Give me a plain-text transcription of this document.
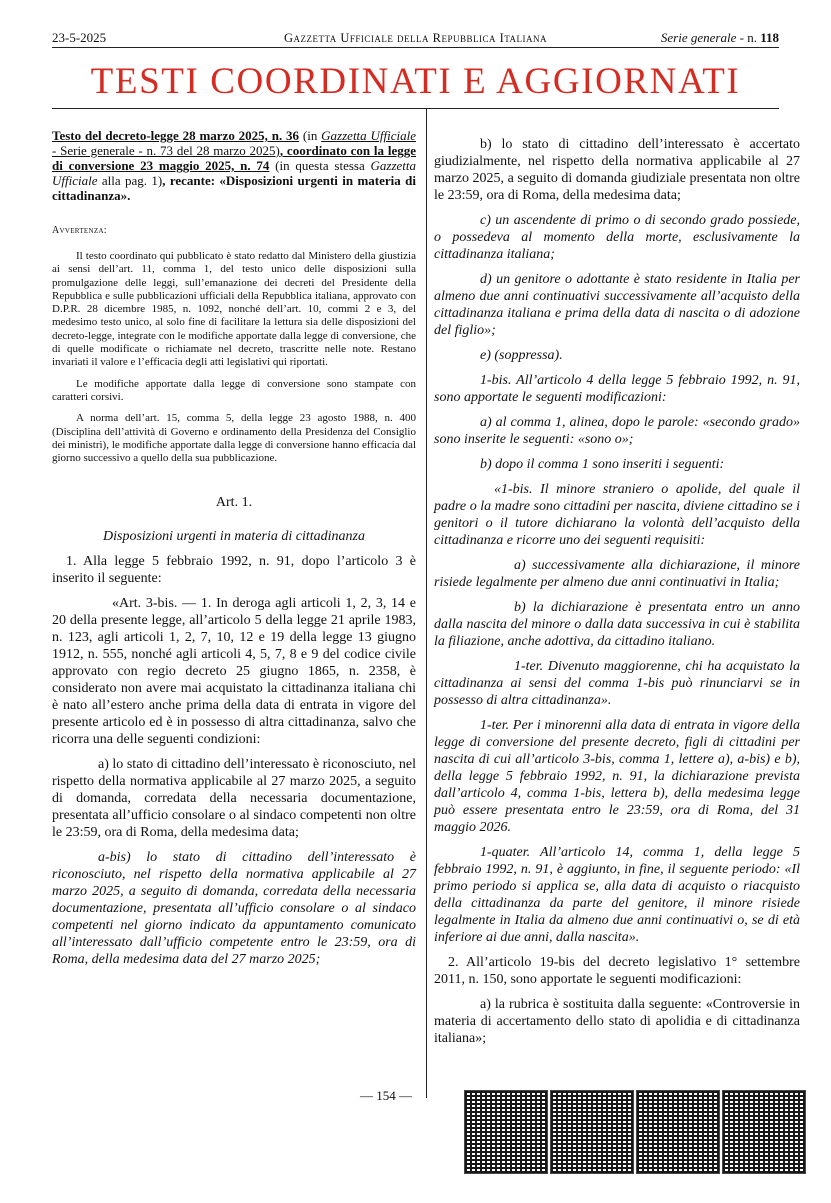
23-5-2025	Gazzetta Ufficiale della Repubblica Italiana	Serie generale - n. 118
TESTI COORDINATI E AGGIORNATI

Testo del decreto-legge 28 marzo 2025, n. 36 (in Gazzetta Ufficiale - Serie generale - n. 73 del 28 marzo 2025), coordinato con la legge di conversione 23 maggio 2025, n. 74 (in questa stessa Gazzetta Ufficiale alla pag. 1), recante: «Disposizioni urgenti in materia di cittadinanza».

Avvertenza:

Il testo coordinato qui pubblicato è stato redatto dal Ministero della giustizia ai sensi dell’art. 11, comma 1, del testo unico delle disposizioni sulla promulgazione delle leggi, sull’emanazione dei decreti del Presidente della Repubblica e sulle pubblicazioni ufficiali della Repubblica italiana, approvato con D.P.R. 28 dicembre 1985, n. 1092, nonché dell’art. 10, commi 2 e 3, del medesimo testo unico, al solo fine di facilitare la lettura sia delle disposizioni del decreto-legge, integrate con le modifiche apportate dalla legge di conversione, che di quelle modificate o richiamate nel decreto, trascritte nelle note. Restano invariati il valore e l’efficacia degli atti legislativi qui riportati.

Le modifiche apportate dalla legge di conversione sono stampate con caratteri corsivi.

A norma dell’art. 15, comma 5, della legge 23 agosto 1988, n. 400 (Disciplina dell’attività di Governo e ordinamento della Presidenza del Consiglio dei ministri), le modifiche apportate dalla legge di conversione hanno efficacia dal giorno successivo a quello della sua pubblicazione.

Art. 1.

Disposizioni urgenti in materia di cittadinanza

1. Alla legge 5 febbraio 1992, n. 91, dopo l’articolo 3 è inserito il seguente:

«Art. 3-bis. — 1. In deroga agli articoli 1, 2, 3, 14 e 20 della presente legge, all’articolo 5 della legge 21 aprile 1983, n. 123, agli articoli 1, 2, 7, 10, 12 e 19 della legge 13 giugno 1912, n. 555, nonché agli articoli 4, 5, 7, 8 e 9 del codice civile approvato con regio decreto 25 giugno 1865, n. 2358, è considerato non avere mai acquistato la cittadinanza italiana chi è nato all’estero anche prima della data di entrata in vigore del presente articolo ed è in possesso di altra cittadinanza, salvo che ricorra una delle seguenti condizioni:

a) lo stato di cittadino dell’interessato è riconosciuto, nel rispetto della normativa applicabile al 27 marzo 2025, a seguito di domanda, corredata della necessaria documentazione, presentata all’ufficio consolare o al sindaco competenti non oltre le 23:59, ora di Roma, della medesima data;

a-bis) lo stato di cittadino dell’interessato è riconosciuto, nel rispetto della normativa applicabile al 27 marzo 2025, a seguito di domanda, corredata della necessaria documentazione, presentata all’ufficio consolare o al sindaco competenti nel giorno indicato da appuntamento comunicato all’interessato dall’ufficio competente entro le 23:59, ora di Roma, della medesima data del 27 marzo 2025;

b) lo stato di cittadino dell’interessato è accertato giudizialmente, nel rispetto della normativa applicabile al 27 marzo 2025, a seguito di domanda giudiziale presentata non oltre le 23:59, ora di Roma, della medesima data;

c) un ascendente di primo o di secondo grado possiede, o possedeva al momento della morte, esclusivamente la cittadinanza italiana;

d) un genitore o adottante è stato residente in Italia per almeno due anni continuativi successivamente all’acquisto della cittadinanza italiana e prima della data di nascita o di adozione del figlio»;

e) (soppressa).

1-bis. All’articolo 4 della legge 5 febbraio 1992, n. 91, sono apportate le seguenti modificazioni:

a) al comma 1, alinea, dopo le parole: «secondo grado» sono inserite le seguenti: «sono o»;

b) dopo il comma 1 sono inseriti i seguenti:

«1-bis. Il minore straniero o apolide, del quale il padre o la madre sono cittadini per nascita, diviene cittadino se i genitori o il tutore dichiarano la volontà dell’acquisto della cittadinanza e ricorre uno dei seguenti requisiti:

a) successivamente alla dichiarazione, il minore risiede legalmente per almeno due anni continuativi in Italia;

b) la dichiarazione è presentata entro un anno dalla nascita del minore o dalla data successiva in cui è stabilita la filiazione, anche adottiva, da cittadino italiano.

1-ter. Divenuto maggiorenne, chi ha acquistato la cittadinanza ai sensi del comma 1-bis può rinunciarvi se in possesso di altra cittadinanza».

1-ter. Per i minorenni alla data di entrata in vigore della legge di conversione del presente decreto, figli di cittadini per nascita di cui all’articolo 3-bis, comma 1, lettere a), a-bis) e b), della legge 5 febbraio 1992, n. 91, la dichiarazione prevista dall’articolo 4, comma 1-bis, lettera b), della medesima legge può essere presentata entro le 23:59, ora di Roma, del 31 maggio 2026.

1-quater. All’articolo 14, comma 1, della legge 5 febbraio 1992, n. 91, è aggiunto, in fine, il seguente periodo: «Il primo periodo si applica se, alla data di acquisto o riacquisto della cittadinanza da parte del genitore, il minore risiede legalmente in Italia da almeno due anni continuativi o, se di età inferiore ai due anni, dalla nascita».

2. All’articolo 19-bis del decreto legislativo 1° settembre 2011, n. 150, sono apportate le seguenti modificazioni:

a) la rubrica è sostituita dalla seguente: «Controversie in materia di accertamento dello stato di apolidia e di cittadinanza italiana»;

— 154 —
